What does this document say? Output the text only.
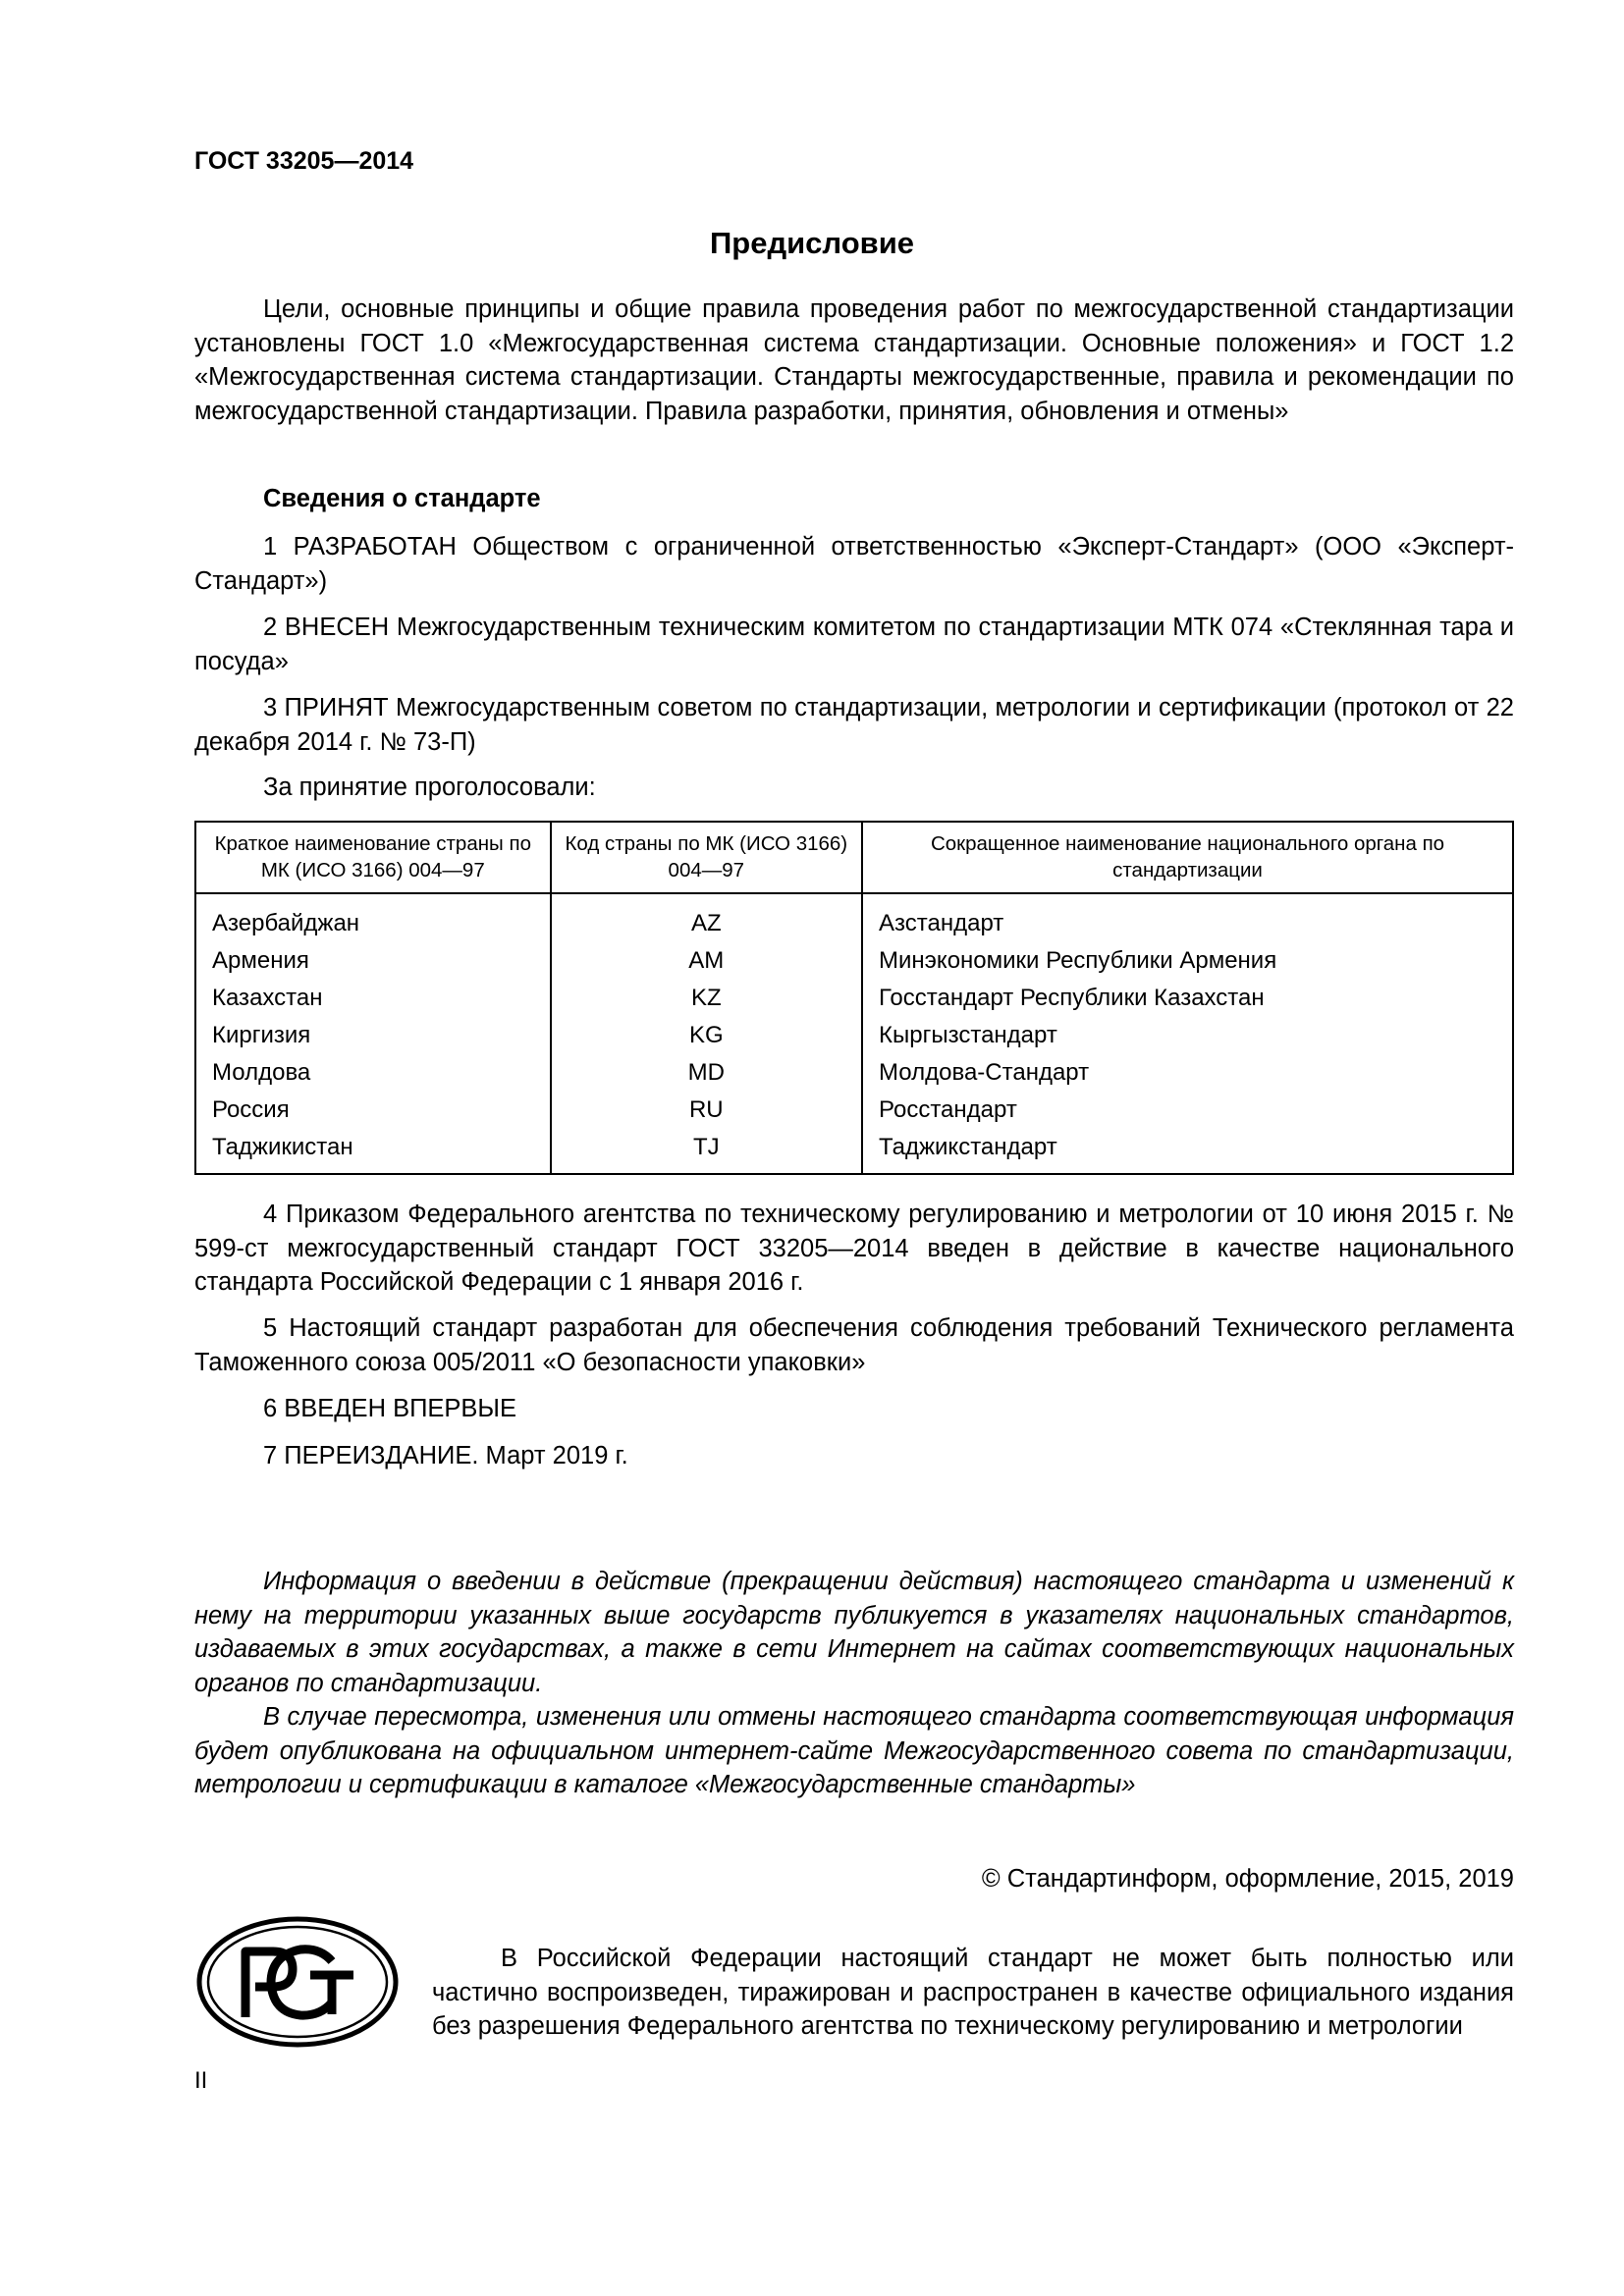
ГОСТ 33205—2014
Предисловие
Цели, основные принципы и общие правила проведения работ по межгосударственной стандартизации установлены ГОСТ 1.0 «Межгосударственная система стандартизации. Основные положения» и ГОСТ 1.2 «Межгосударственная система стандартизации. Стандарты межгосударственные, правила и рекомендации по межгосударственной стандартизации. Правила разработки, принятия, обновления и отмены»
Сведения о стандарте
1 РАЗРАБОТАН Обществом с ограниченной ответственностью «Эксперт-Стандарт» (ООО «Эксперт-Стандарт»)
2 ВНЕСЕН Межгосударственным техническим комитетом по стандартизации МТК 074 «Стеклянная тара и посуда»
3 ПРИНЯТ Межгосударственным советом по стандартизации, метрологии и сертификации (протокол от 22 декабря 2014 г. № 73-П)
За принятие проголосовали:
Краткое наименование страны по МК (ИСО 3166) 004—97	Код страны по МК (ИСО 3166) 004—97	Сокращенное наименование национального органа по стандартизации
Азербайджан	AZ	Азстандарт
Армения	AM	Минэкономики Республики Армения
Казахстан	KZ	Госстандарт Республики Казахстан
Киргизия	KG	Кыргызстандарт
Молдова	MD	Молдова-Стандарт
Россия	RU	Росстандарт
Таджикистан	TJ	Таджикстандарт
4 Приказом Федерального агентства по техническому регулированию и метрологии от 10 июня 2015 г. № 599-ст межгосударственный стандарт ГОСТ 33205—2014 введен в действие в качестве национального стандарта Российской Федерации с 1 января 2016 г.
5 Настоящий стандарт разработан для обеспечения соблюдения требований Технического регламента Таможенного союза 005/2011 «О безопасности упаковки»
6 ВВЕДЕН ВПЕРВЫЕ
7 ПЕРЕИЗДАНИЕ. Март 2019 г.
Информация о введении в действие (прекращении действия) настоящего стандарта и изменений к нему на территории указанных выше государств публикуется в указателях национальных стандартов, издаваемых в этих государствах, а также в сети Интернет на сайтах соответствующих национальных органов по стандартизации.
В случае пересмотра, изменения или отмены настоящего стандарта соответствующая информация будет опубликована на официальном интернет-сайте Межгосударственного совета по стандартизации, метрологии и сертификации в каталоге «Межгосударственные стандарты»
© Стандартинформ, оформление, 2015, 2019
В Российской Федерации настоящий стандарт не может быть полностью или частично воспроизведен, тиражирован и распространен в качестве официального издания без разрешения Федерального агентства по техническому регулированию и метрологии
II
